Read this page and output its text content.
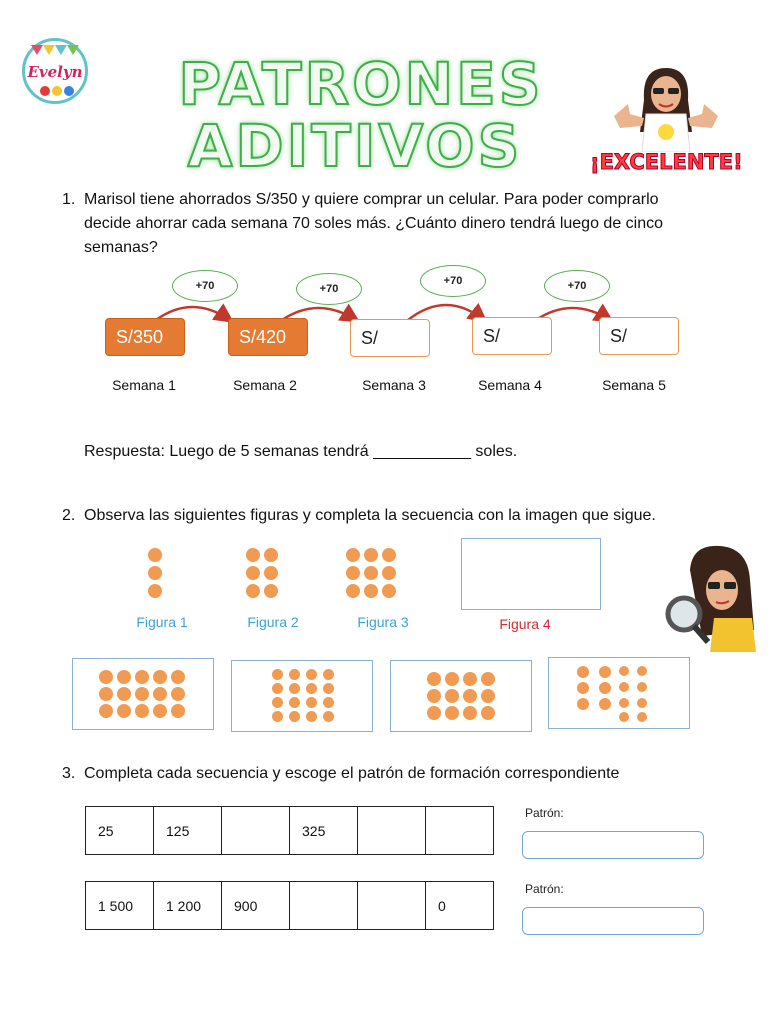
Evelyn PATRONES
ADITIVOS	¡EXCELENTE!
1. Marisol tiene ahorrados S/350 y quiere comprar un celular. Para poder comprarlo decide ahorrar cada semana 70 soles más. ¿Cuánto dinero tendrá luego de cinco semanas?
+70	+70
+70	+70
S/350	S/420	S/	S/	S/
Semana 1	Semana 2	Semana 3	Semana 4	Semana 5
Respuesta: Luego de 5 semanas tendrá ___________ soles.
2. Observa las siguientes figuras y completa la secuencia con la imagen que sigue.
Figura 1	Figura 2	Figura 3	Figura 4
3. Completa cada secuencia y escoge el patrón de formación correspondiente
25	125		325		
Patrón:
1 500	1 200	900			0
Patrón:
